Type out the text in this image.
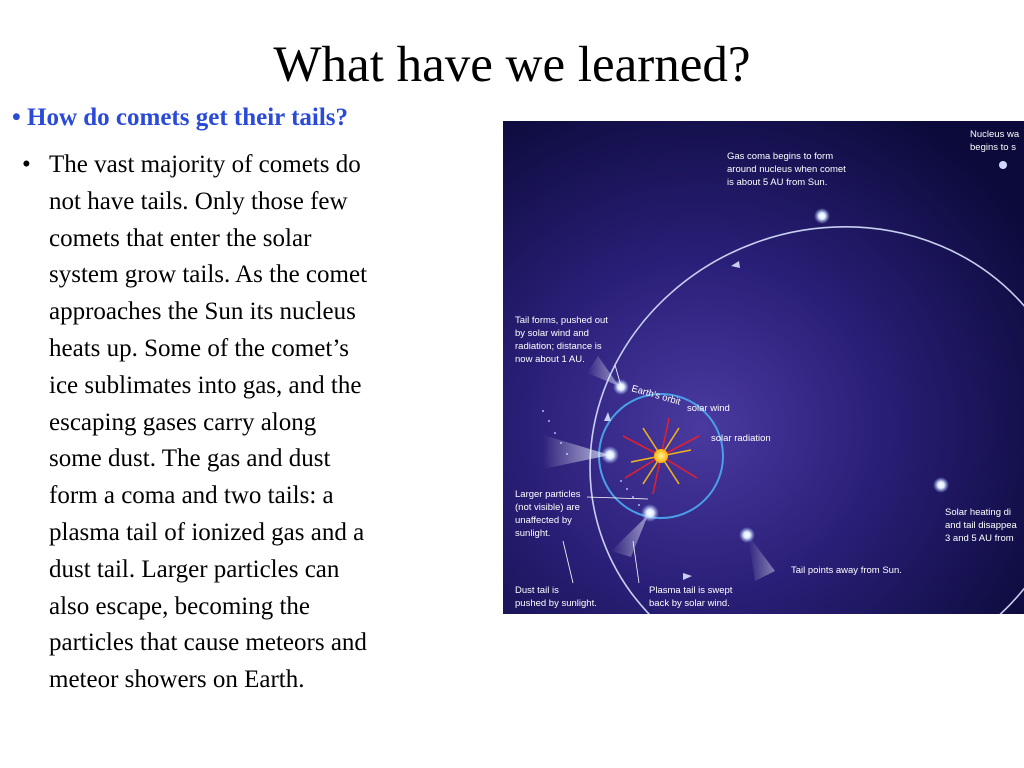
What have we learned?
• How do comets get their tails?
• The vast majority of comets do
not have tails. Only those few
comets that enter the solar
system grow tails. As the comet
approaches the Sun its nucleus
heats up. Some of the comet’s
ice sublimates into gas, and the
escaping gases carry along
some dust. The gas and dust
form a coma and two tails: a
plasma tail of ionized gas and a
dust tail. Larger particles can
also escape, becoming the
particles that cause meteors and
meteor showers on Earth.
Nucleus wa begins to s
Gas coma begins to form around nucleus when comet is about 5 AU from Sun.
Tail forms, pushed out by solar wind and radiation; distance is now about 1 AU.
Earth's orbit
solar wind
solar radiation
Larger particles (not visible) are unaffected by sunlight.
Solar heating di and tail disappea 3 and 5 AU from
Tail points away from Sun.
Dust tail is pushed by sunlight.
Plasma tail is swept back by solar wind.
